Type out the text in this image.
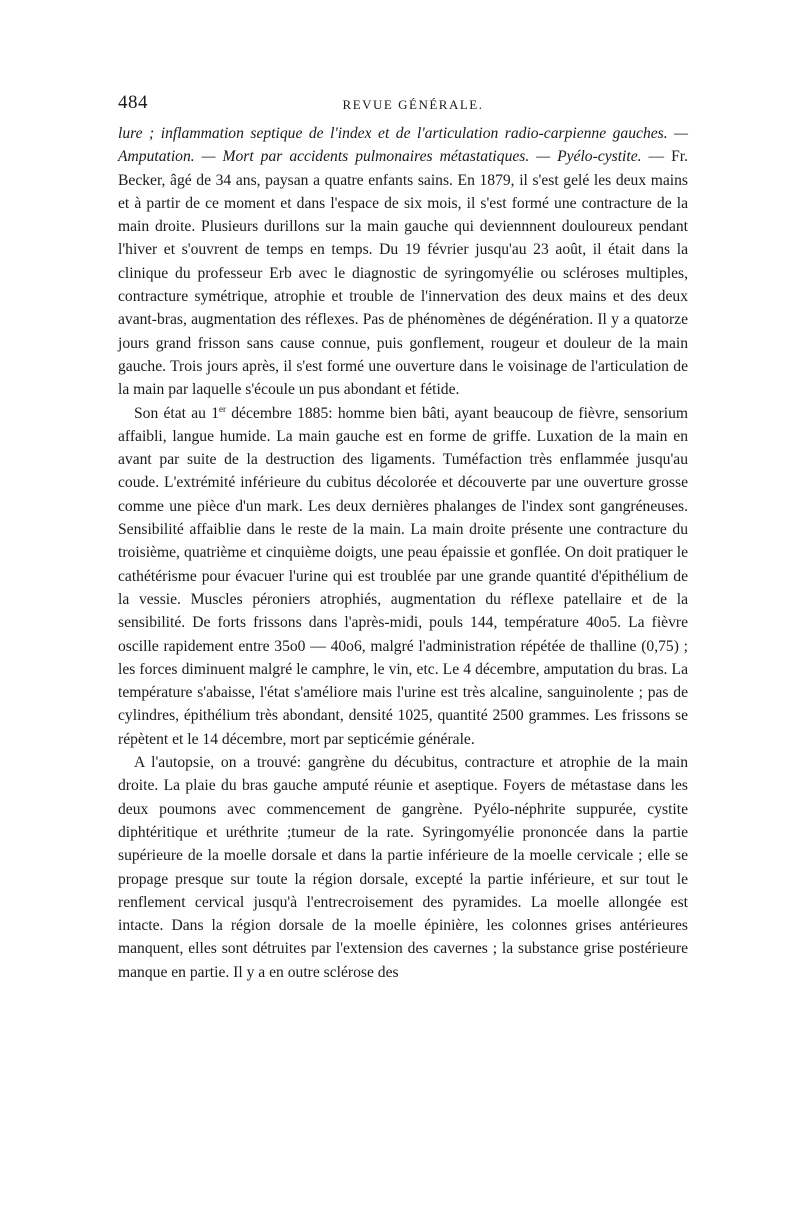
484	REVUE GÉNÉRALE.

lure ; inflammation septique de l'index et de l'articulation radio-carpienne gauches. — Amputation. — Mort par accidents pulmonaires métastatiques. — Pyélo-cystite. — Fr. Becker, âgé de 34 ans, paysan a quatre enfants sains. En 1879, il s'est gelé les deux mains et à partir de ce moment et dans l'espace de six mois, il s'est formé une contracture de la main droite. Plusieurs durillons sur la main gauche qui deviennnent douloureux pendant l'hiver et s'ouvrent de temps en temps. Du 19 février jusqu'au 23 août, il était dans la clinique du professeur Erb avec le diagnostic de syringomyélie ou scléroses multiples, contracture symétrique, atrophie et trouble de l'innervation des deux mains et des deux avant-bras, augmentation des réflexes. Pas de phénomènes de dégénération. Il y a quatorze jours grand frisson sans cause connue, puis gonflement, rougeur et douleur de la main gauche. Trois jours après, il s'est formé une ouverture dans le voisinage de l'articulation de la main par laquelle s'écoule un pus abondant et fétide.

Son état au 1er décembre 1885: homme bien bâti, ayant beaucoup de fièvre, sensorium affaibli, langue humide. La main gauche est en forme de griffe. Luxation de la main en avant par suite de la destruction des ligaments. Tuméfaction très enflammée jusqu'au coude. L'extrémité inférieure du cubitus décolorée et découverte par une ouverture grosse comme une pièce d'un mark. Les deux dernières phalanges de l'index sont gangréneuses. Sensibilité affaiblie dans le reste de la main. La main droite présente une contracture du troisième, quatrième et cinquième doigts, une peau épaissie et gonflée. On doit pratiquer le cathétérisme pour évacuer l'urine qui est troublée par une grande quantité d'épithélium de la vessie. Muscles péroniers atrophiés, augmentation du réflexe patellaire et de la sensibilité. De forts frissons dans l'après-midi, pouls 144, température 40o5. La fièvre oscille rapidement entre 35o0 — 40o6, malgré l'administration répétée de thalline (0,75) ; les forces diminuent malgré le camphre, le vin, etc. Le 4 décembre, amputation du bras. La température s'abaisse, l'état s'améliore mais l'urine est très alcaline, sanguinolente ; pas de cylindres, épithélium très abondant, densité 1025, quantité 2500 grammes. Les frissons se répètent et le 14 décembre, mort par septicémie générale.

A l'autopsie, on a trouvé: gangrène du décubitus, contracture et atrophie de la main droite. La plaie du bras gauche amputé réunie et aseptique. Foyers de métastase dans les deux poumons avec commencement de gangrène. Pyélo-néphrite suppurée, cystite diphtéritique et uréthrite ;tumeur de la rate. Syringomyélie prononcée dans la partie supérieure de la moelle dorsale et dans la partie inférieure de la moelle cervicale ; elle se propage presque sur toute la région dorsale, excepté la partie inférieure, et sur tout le renflement cervical jusqu'à l'entrecroisement des pyramides. La moelle allongée est intacte. Dans la région dorsale de la moelle épinière, les colonnes grises antérieures manquent, elles sont détruites par l'extension des cavernes ; la substance grise postérieure manque en partie. Il y a en outre sclérose des
